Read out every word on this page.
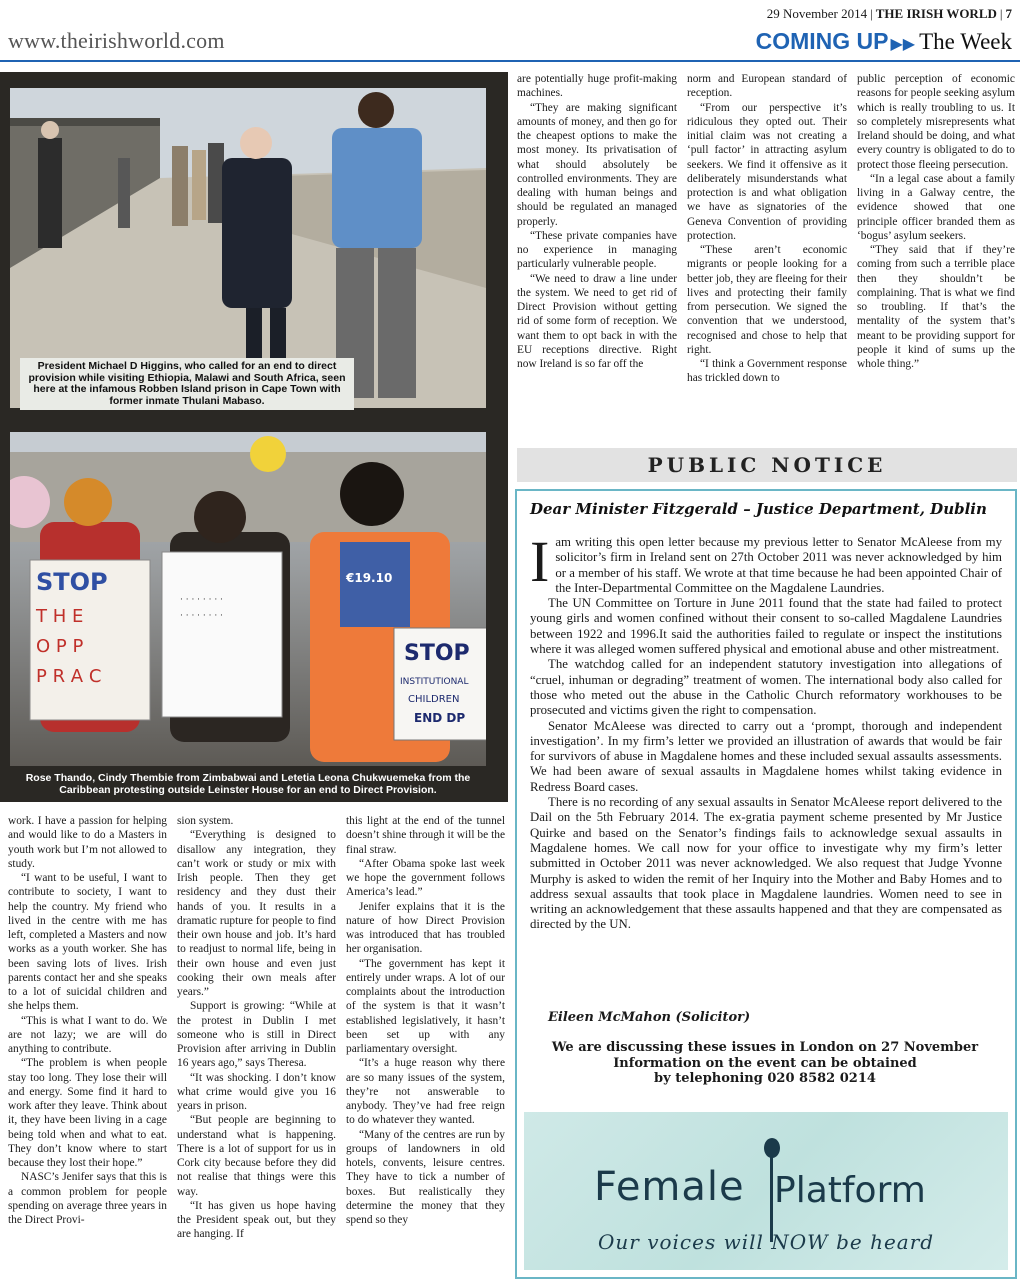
29 November 2014 | THE IRISH WORLD | 7
www.theirishworld.com	COMING UP ▶▶ The Week
President Michael D Higgins, who called for an end to direct provision while visiting Ethiopia, Malawi and South Africa, seen here at the infamous Robben Island prison in Cape Town with former inmate Thulani Mabaso.
STOP
T H E
O P P
P R A C
· · · · · · · ·
· · · · · · · ·
€19.10
STOP
INSTITUTIONAL
CHILDREN
END DP
Rose Thando, Cindy Thembie from Zimbabwai and Letetia Leona Chukwuemeka from the Caribbean protesting outside Leinster House for an end to Direct Provision.

are potentially huge profit-making machines.

“They are making significant amounts of money, and then go for the cheapest options to make the most money. Its privatisation of what should absolutely be controlled environments. They are dealing with human beings and should be regulated an managed properly.

“These private companies have no experience in managing particularly vulnerable people.

“We need to draw a line under the system. We need to get rid of Direct Provision without getting rid of some form of reception. We want them to opt back in with the EU receptions directive. Right now Ireland is so far off the

norm and European standard of reception.

“From our perspective it’s ridiculous they opted out. Their initial claim was not creating a ‘pull factor’ in attracting asylum seekers. We find it offensive as it deliberately misunderstands what protection is and what obligation we have as signatories of the Geneva Convention of providing protection.

“These aren’t economic migrants or people looking for a better job, they are fleeing for their lives and protecting their family from persecution. We signed the convention that we understood, recognised and chose to help that right.

“I think a Government response has trickled down to

public perception of economic reasons for people seeking asylum which is really troubling to us. It so completely misrepresents what Ireland should be doing, and what every country is obligated to do to protect those fleeing persecution.

“In a legal case about a family living in a Galway centre, the evidence showed that one principle officer branded them as ‘bogus’ asylum seekers.

“They said that if they’re coming from such a terrible place then they shouldn’t be complaining. That is what we find so troubling. If that’s the mentality of the system that’s meant to be providing support for people it kind of sums up the whole thing.”

work. I have a passion for helping and would like to do a Masters in youth work but I’m not allowed to study.

“I want to be useful, I want to contribute to society, I want to help the country. My friend who lived in the centre with me has left, completed a Masters and now works as a youth worker. She has been saving lots of lives. Irish parents contact her and she speaks to a lot of suicidal children and she helps them.

“This is what I want to do. We are not lazy; we are will do anything to contribute.

“The problem is when people stay too long. They lose their will and energy. Some find it hard to work after they leave. Think about it, they have been living in a cage being told when and what to eat. They don’t know where to start because they lost their hope.”

NASC’s Jenifer says that this is a common problem for people spending on average three years in the Direct Provi-

sion system.

“Everything is designed to disallow any integration, they can’t work or study or mix with Irish people. Then they get residency and they dust their hands of you. It results in a dramatic rupture for people to find their own house and job. It’s hard to readjust to normal life, being in their own house and even just cooking their own meals after years.”

Support is growing: “While at the protest in Dublin I met someone who is still in Direct Provision after arriving in Dublin 16 years ago,” says Theresa.

“It was shocking. I don’t know what crime would give you 16 years in prison.

“But people are beginning to understand what is happening. There is a lot of support for us in Cork city because before they did not realise that things were this way.

“It has given us hope having the President speak out, but they are hanging. If

this light at the end of the tunnel doesn’t shine through it will be the final straw.

“After Obama spoke last week we hope the government follows America’s lead.”

Jenifer explains that it is the nature of how Direct Provision was introduced that has troubled her organisation.

“The government has kept it entirely under wraps. A lot of our complaints about the introduction of the system is that it wasn’t established legislatively, it hasn’t been set up with any parliamentary oversight.

“It’s a huge reason why there are so many issues of the system, they’re not answerable to anybody. They’ve had free reign to do whatever they wanted.

“Many of the centres are run by groups of landowners in old hotels, convents, leisure centres. They have to tick a number of boxes. But realistically they determine the money that they spend so they

PUBLIC NOTICE
Dear Minister Fitzgerald – Justice Department, Dublin

Iam writing this open letter because my previous letter to Senator McAleese from my solicitor’s firm in Ireland sent on 27th October 2011 was never acknowledged by him or a member of his staff. We wrote at that time because he had been appointed Chair of the Inter-Departmental Committee on the Magdalene Laundries.

The UN Committee on Torture in June 2011 found that the state had failed to protect young girls and women confined without their consent to so-called Magdalene Laundries between 1922 and 1996.It said the authorities failed to regulate or inspect the institutions where it was alleged women suffered physical and emotional abuse and other mistreatment.

The watchdog called for an independent statutory investigation into allegations of “cruel, inhuman or degrading” treatment of women. The international body also called for those who meted out the abuse in the Catholic Church reformatory workhouses to be prosecuted and victims given the right to compensation.

Senator McAleese was directed to carry out a ‘prompt, thorough and independent investigation’. In my firm’s letter we provided an illustration of awards that would be fair for survivors of abuse in Magdalene homes and these included sexual assaults assessments. We had been aware of sexual assaults in Magdalene homes whilst taking evidence in Redress Board cases.

There is no recording of any sexual assaults in Senator McAleese report delivered to the Dail on the 5th February 2014. The ex-gratia payment scheme presented by Mr Justice Quirke and based on the Senator’s findings fails to acknowledge sexual assaults in Magdalene homes. We call now for your office to investigate why my firm’s letter submitted in October 2011 was never acknowledged. We also request that Judge Yvonne Murphy is asked to widen the remit of her Inquiry into the Mother and Baby Homes and to address sexual assaults that took place in Magdalene laundries. Women need to see in writing an acknowledgement that these assaults happened and that they are compensated as directed by the UN.

Eileen McMahon (Solicitor)
We are discussing these issues in London on 27 November
Information on the event can be obtained
by telephoning 020 8582 0214
Female Platform
Our voices will NOW be heard
